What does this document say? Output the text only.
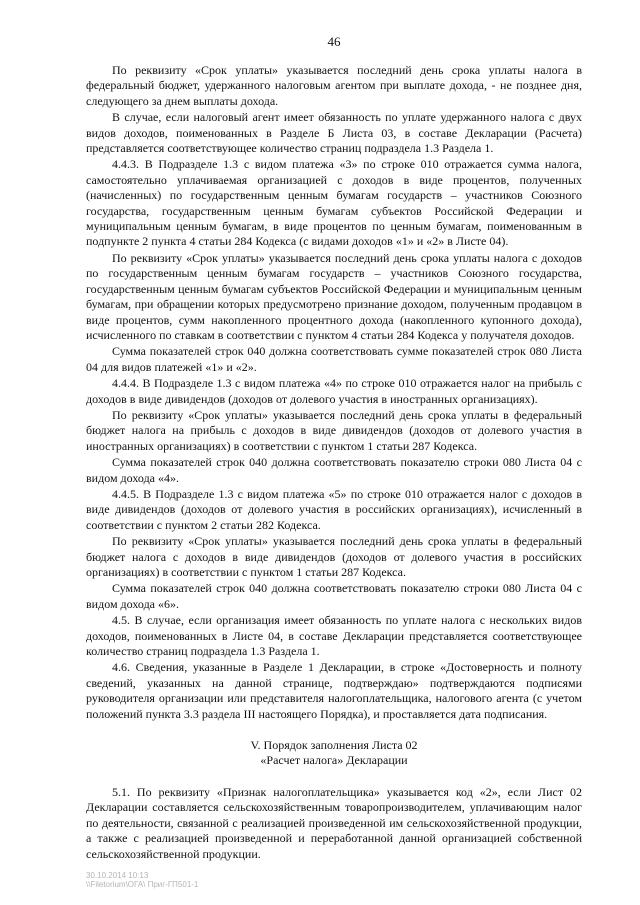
46

По реквизиту «Срок уплаты» указывается последний день срока уплаты налога в федеральный бюджет, удержанного налоговым агентом при выплате дохода, - не позднее дня, следующего за днем выплаты дохода.

В случае, если налоговый агент имеет обязанность по уплате удержанного налога с двух видов доходов, поименованных в Разделе Б Листа 03, в составе Декларации (Расчета) представляется соответствующее количество страниц подраздела 1.3 Раздела 1.

4.4.3. В Подразделе 1.3 с видом платежа «3» по строке 010 отражается сумма налога, самостоятельно уплачиваемая организацией с доходов в виде процентов, полученных (начисленных) по государственным ценным бумагам государств – участников Союзного государства, государственным ценным бумагам субъектов Российской Федерации и муниципальным ценным бумагам, в виде процентов по ценным бумагам, поименованным в подпункте 2 пункта 4 статьи 284 Кодекса (с видами доходов «1» и «2» в Листе 04).

По реквизиту «Срок уплаты» указывается последний день срока уплаты налога с доходов по государственным ценным бумагам государств – участников Союзного государства, государственным ценным бумагам субъектов Российской Федерации и муниципальным ценным бумагам, при обращении которых предусмотрено признание доходом, полученным продавцом в виде процентов, сумм накопленного процентного дохода (накопленного купонного дохода), исчисленного по ставкам в соответствии с пунктом 4 статьи 284 Кодекса у получателя доходов.

Сумма показателей строк 040 должна соответствовать сумме показателей строк 080 Листа 04 для видов платежей «1» и «2».

4.4.4. В Подразделе 1.3 с видом платежа «4» по строке 010 отражается налог на прибыль с доходов в виде дивидендов (доходов от долевого участия в иностранных организациях).

По реквизиту «Срок уплаты» указывается последний день срока уплаты в федеральный бюджет налога на прибыль с доходов в виде дивидендов (доходов от долевого участия в иностранных организациях) в соответствии с пунктом 1 статьи 287 Кодекса.

Сумма показателей строк 040 должна соответствовать показателю строки 080 Листа 04 с видом дохода «4».

4.4.5. В Подразделе 1.3 с видом платежа «5» по строке 010 отражается налог с доходов в виде дивидендов (доходов от долевого участия в российских организациях), исчисленный в соответствии с пунктом 2 статьи 282 Кодекса.

По реквизиту «Срок уплаты» указывается последний день срока уплаты в федеральный бюджет налога с доходов в виде дивидендов (доходов от долевого участия в российских организациях) в соответствии с пунктом 1 статьи 287 Кодекса.

Сумма показателей строк 040 должна соответствовать показателю строки 080 Листа 04 с видом дохода «6».

4.5. В случае, если организация имеет обязанность по уплате налога с нескольких видов доходов, поименованных в Листе 04, в составе Декларации представляется соответствующее количество страниц подраздела 1.3 Раздела 1.

4.6. Сведения, указанные в Разделе 1 Декларации, в строке «Достоверность и полноту сведений, указанных на данной странице, подтверждаю» подтверждаются подписями руководителя организации или представителя налогоплательщика, налогового агента (с учетом положений пункта 3.3 раздела III настоящего Порядка), и проставляется дата подписания.

V. Порядок заполнения Листа 02
«Расчет налога» Декларации

5.1. По реквизиту «Признак налогоплательщика» указывается код «2», если Лист 02 Декларации составляется сельскохозяйственным товаропроизводителем, уплачивающим налог по деятельности, связанной с реализацией произведенной им сельскохозяйственной продукции, а также с реализацией произведенной и переработанной данной организацией собственной сельскохозяйственной продукции.

30.10.2014 10:13
\\Filetorium\ОГА\ Приг-ГП501-1
